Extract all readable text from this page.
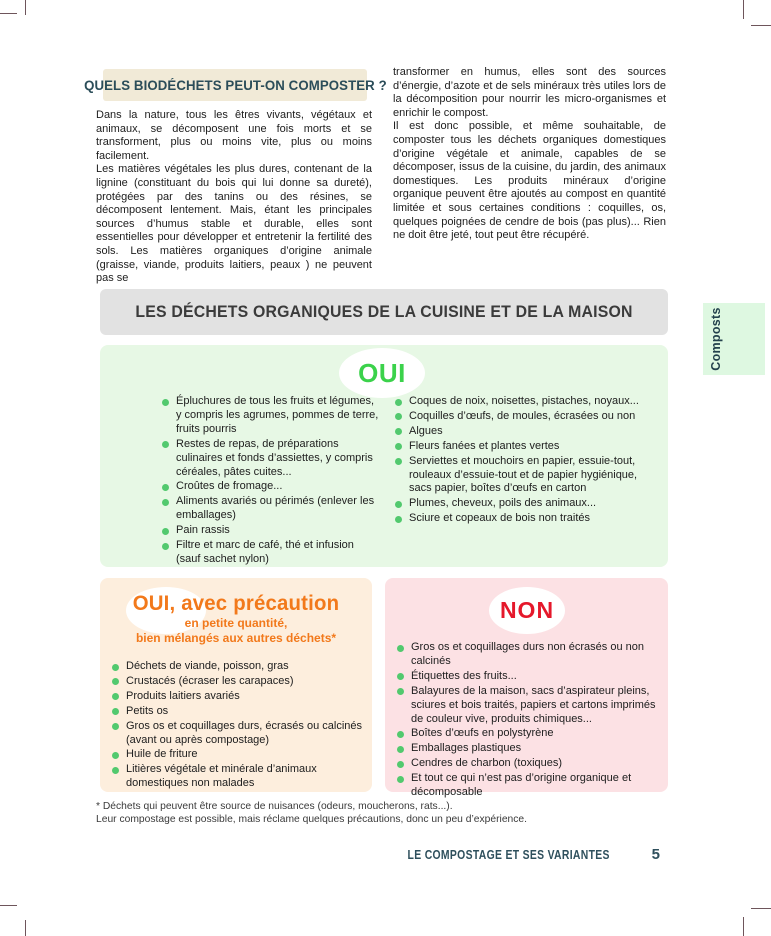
QUELS BIODÉCHETS PEUT-ON COMPOSTER ?

Dans la nature, tous les êtres vivants, végétaux et animaux, se décomposent une fois morts et se transforment, plus ou moins vite, plus ou moins facilement.

Les matières végétales les plus dures, contenant de la lignine (constituant du bois qui lui donne sa dureté), protégées par des tanins ou des résines, se décomposent lentement. Mais, étant les principales sources d’humus stable et durable, elles sont essentielles pour développer et entretenir la fertilité des sols. Les matières organiques d’origine animale (graisse, viande, produits laitiers, peaux ) ne peuvent pas se

transformer en humus, elles sont des sources d’énergie, d’azote et de sels minéraux très utiles lors de la décomposition pour nourrir les micro-organismes et enrichir le compost.

Il est donc possible, et même souhaitable, de composter tous les déchets organiques domestiques d’origine végétale et animale, capables de se décomposer, issus de la cuisine, du jardin, des animaux domestiques. Les produits minéraux d’origine organique peuvent être ajoutés au compost en quantité limitée et sous certaines conditions : coquilles, os, quelques poignées de cendre de bois (pas plus)... Rien ne doit être jeté, tout peut être récupéré.

LES DÉCHETS ORGANIQUES DE LA CUISINE ET DE LA MAISON
OUI
Épluchures de tous les fruits et légumes, y compris les agrumes, pommes de terre, fruits pourris
Restes de repas, de préparations culinaires et fonds d’assiettes, y compris céréales, pâtes cuites...
Croûtes de fromage...
Aliments avariés ou périmés (enlever les emballages)
Pain rassis
Filtre et marc de café, thé et infusion (sauf sachet nylon)
Coques de noix, noisettes, pistaches, noyaux...
Coquilles d’œufs, de moules, écrasées ou non
Algues
Fleurs fanées et plantes vertes
Serviettes et mouchoirs en papier, essuie-tout, rouleaux d’essuie-tout et de papier hygiénique, sacs papier, boîtes d’œufs en carton
Plumes, cheveux, poils des animaux...
Sciure et copeaux de bois non traités
OUI, avec précaution
en petite quantité,
bien mélangés aux autres déchets*
Déchets de viande, poisson, gras
Crustacés (écraser les carapaces)
Produits laitiers avariés
Petits os
Gros os et coquillages durs, écrasés ou calcinés (avant ou après compostage)
Huile de friture
Litières végétale et minérale d’animaux domestiques non malades
NON
Gros os et coquillages durs non écrasés ou non calcinés
Étiquettes des fruits...
Balayures de la maison, sacs d’aspirateur pleins, sciures et bois traités, papiers et cartons imprimés de couleur vive, produits chimiques...
Boîtes d’œufs en polystyrène
Emballages plastiques
Cendres de charbon (toxiques)
Et tout ce qui n’est pas d’origine organique et décomposable
* Déchets qui peuvent être source de nuisances (odeurs, moucherons, rats...).
Leur compostage est possible, mais réclame quelques précautions, donc un peu d’expérience.
LE COMPOSTAGE ET SES VARIANTES	5
Composts
